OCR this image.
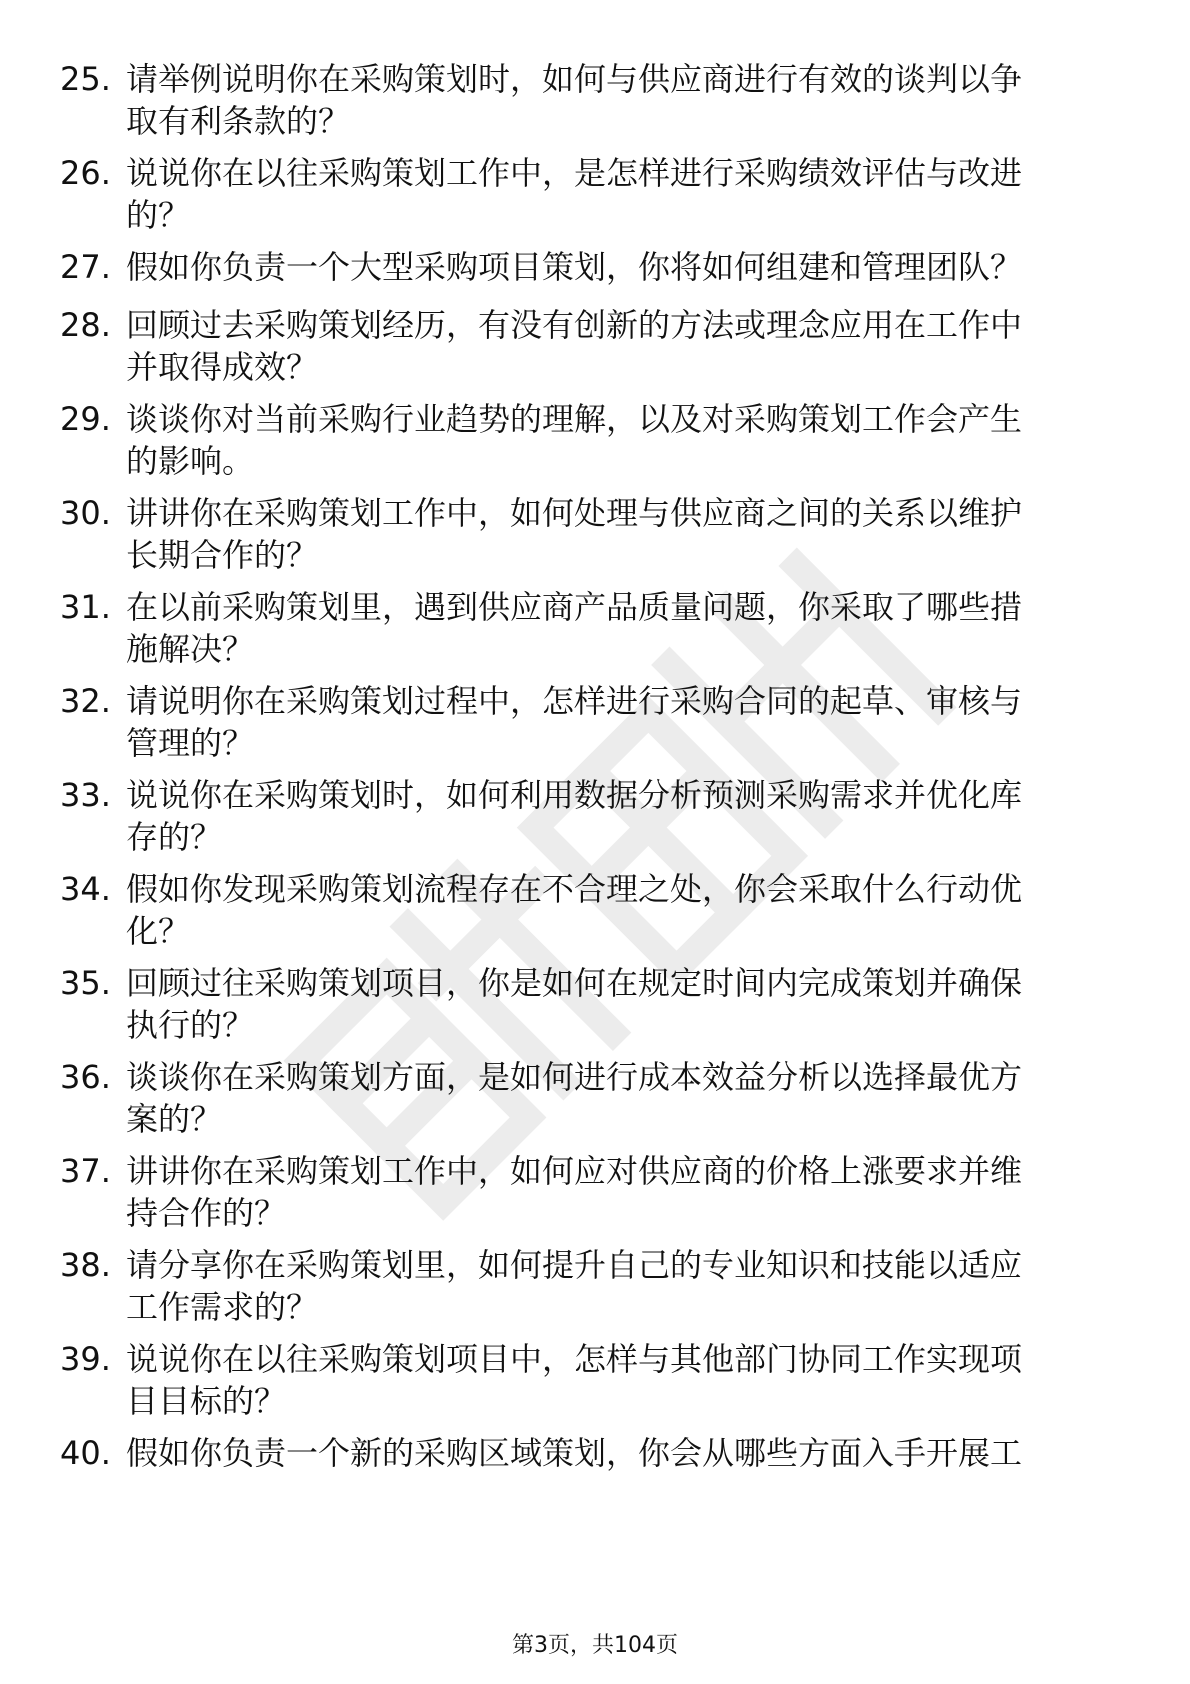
25. 请举例说明你在采购策划时，如何与供应商进行有效的谈判以争
取有利条款的？
26. 说说你在以往采购策划工作中，是怎样进行采购绩效评估与改进
的？
27. 假如你负责一个大型采购项目策划，你将如何组建和管理团队？
28. 回顾过去采购策划经历，有没有创新的方法或理念应用在工作中
并取得成效？
29. 谈谈你对当前采购行业趋势的理解，以及对采购策划工作会产生
的影响。
30. 讲讲你在采购策划工作中，如何处理与供应商之间的关系以维护
长期合作的？
31. 在以前采购策划里，遇到供应商产品质量问题，你采取了哪些措
施解决？
32. 请说明你在采购策划过程中，怎样进行采购合同的起草、审核与
管理的？
33. 说说你在采购策划时，如何利用数据分析预测采购需求并优化库
存的？
34. 假如你发现采购策划流程存在不合理之处，你会采取什么行动优
化？
35. 回顾过往采购策划项目，你是如何在规定时间内完成策划并确保
执行的？
36. 谈谈你在采购策划方面，是如何进行成本效益分析以选择最优方
案的？
37. 讲讲你在采购策划工作中，如何应对供应商的价格上涨要求并维
持合作的？
38. 请分享你在采购策划里，如何提升自己的专业知识和技能以适应
工作需求的？
39. 说说你在以往采购策划项目中，怎样与其他部门协同工作实现项
目目标的？
40. 假如你负责一个新的采购区域策划，你会从哪些方面入手开展工
第3页，共104页
